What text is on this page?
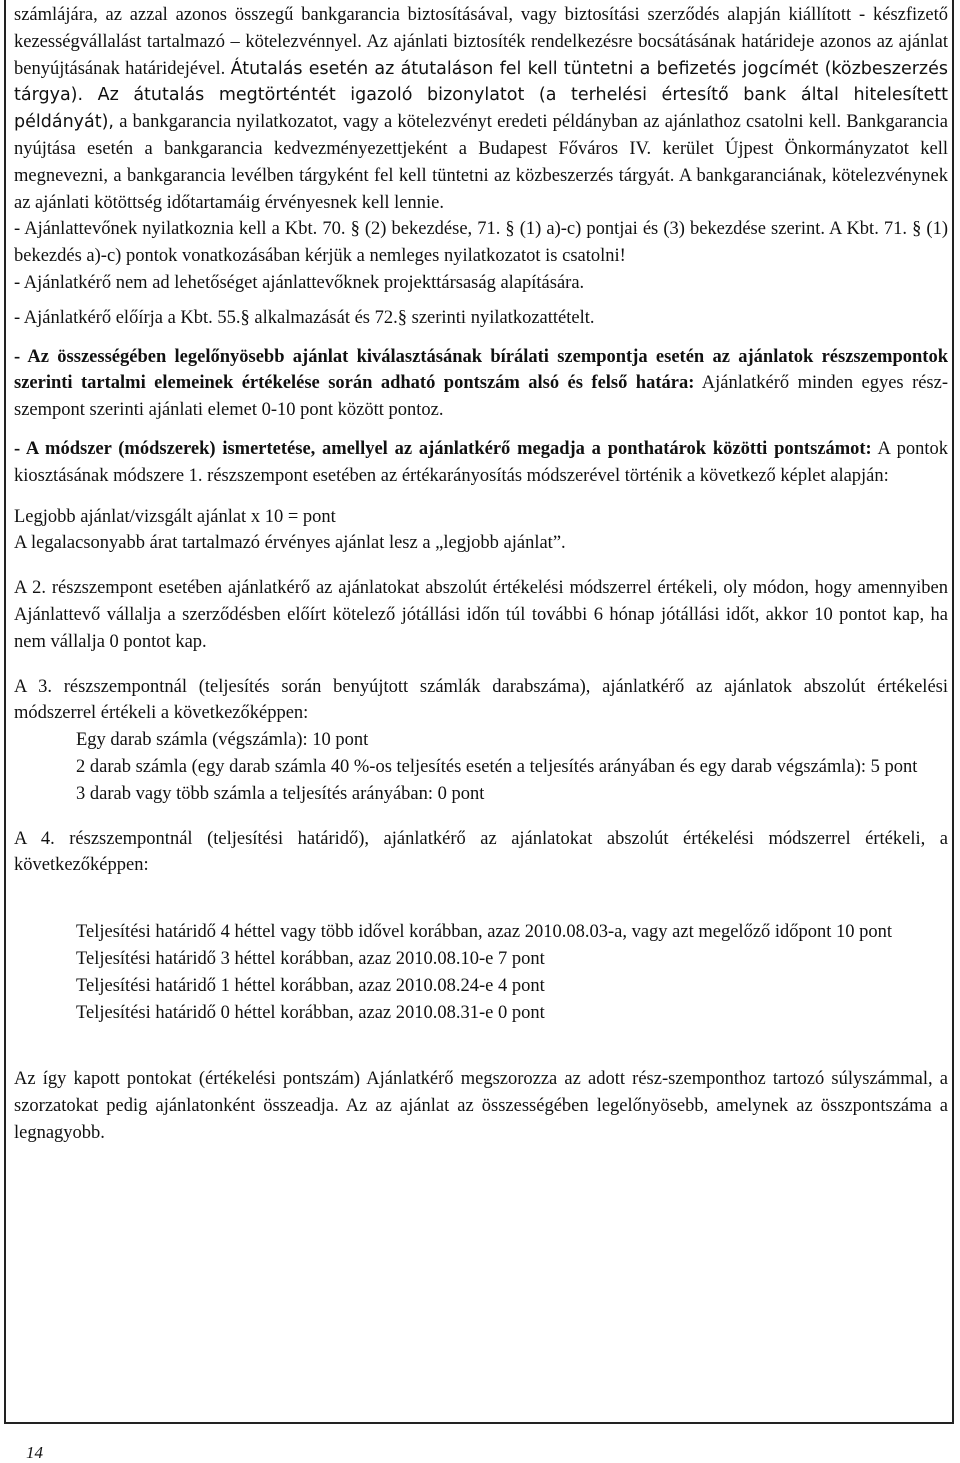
számlájára, az azzal azonos összegű bankgarancia biztosításával, vagy biztosítási szerződés alapján kiállított - készfizető kezességvállalást tartalmazó – kötelezvénnyel. Az ajánlati biztosíték rendelkezésre bocsátásának határideje azonos az ajánlat benyújtásának határidejével. Átutalás esetén az átutaláson fel kell tüntetni a befizetés jogcímét (közbeszerzés tárgya). Az átutalás megtörténtét igazoló bizonylatot (a terhelési értesítő bank által hitelesített példányát), a bankgarancia nyilatkozatot, vagy a kötelezvényt eredeti példányban az ajánlathoz csatolni kell. Bankgarancia nyújtása esetén a bankgarancia kedvezményezettjeként a Budapest Főváros IV. kerület Újpest Önkormányzatot kell megnevezni, a bankgarancia levélben tárgyként fel kell tüntetni az közbeszerzés tárgyát. A bankgaranciának, kötelezvénynek az ajánlati kötöttség időtartamáig érvényesnek kell lennie.

- Ajánlattevőnek nyilatkoznia kell a Kbt. 70. § (2) bekezdése, 71. § (1) a)-c) pontjai és (3) bekezdése szerint. A Kbt. 71. § (1) bekezdés a)-c) pontok vonatkozásában kérjük a nemleges nyilatkozatot is csatolni!

- Ajánlatkérő nem ad lehetőséget ajánlattevőknek projekttársaság alapítására.

- Ajánlatkérő előírja a Kbt. 55.§ alkalmazását és 72.§ szerinti nyilatkozattételt.

- Az összességében legelőnyösebb ajánlat kiválasztásának bírálati szempontja esetén az ajánlatok részszempontok szerinti tartalmi elemeinek értékelése során adható pontszám alsó és felső határa: Ajánlatkérő minden egyes rész-szempont szerinti ajánlati elemet 0-10 pont között pontoz.

- A módszer (módszerek) ismertetése, amellyel az ajánlatkérő megadja a ponthatárok közötti pontszámot: A pontok kiosztásának módszere 1. részszempont esetében az értékarányosítás módszerével történik a következő képlet alapján:

Legjobb ajánlat/vizsgált ajánlat x 10 = pont

A legalacsonyabb árat tartalmazó érvényes ajánlat lesz a „legjobb ajánlat”.

A 2. részszempont esetében ajánlatkérő az ajánlatokat abszolút értékelési módszerrel értékeli, oly módon, hogy amennyiben Ajánlattevő vállalja a szerződésben előírt kötelező jótállási időn túl további 6 hónap jótállási időt, akkor 10 pontot kap, ha nem vállalja 0 pontot kap.

A 3. részszempontnál (teljesítés során benyújtott számlák darabszáma), ajánlatkérő az ajánlatok abszolút értékelési módszerrel értékeli a következőképpen:

Egy darab számla (végszámla): 10 pont

2 darab számla (egy darab számla 40 %-os teljesítés esetén a teljesítés arányában és egy darab végszámla): 5 pont

3 darab vagy több számla a teljesítés arányában: 0 pont

A 4. részszempontnál (teljesítési határidő), ajánlatkérő az ajánlatokat abszolút értékelési módszerrel értékeli, a következőképpen:

Teljesítési határidő 4 héttel vagy több idővel korábban, azaz 2010.08.03-a, vagy azt megelőző időpont 10 pont

Teljesítési határidő 3 héttel korábban, azaz 2010.08.10-e 7 pont

Teljesítési határidő 1 héttel korábban, azaz 2010.08.24-e 4 pont

Teljesítési határidő 0 héttel korábban, azaz 2010.08.31-e 0 pont

Az így kapott pontokat (értékelési pontszám) Ajánlatkérő megszorozza az adott rész-szemponthoz tartozó súlyszámmal, a szorzatokat pedig ajánlatonként összeadja. Az az ajánlat az összességében legelőnyösebb, amelynek az összpontszáma a legnagyobb.

14
